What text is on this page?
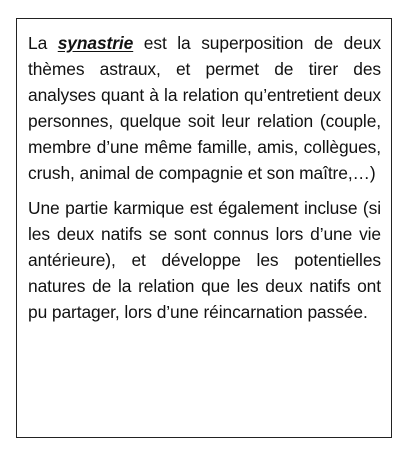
La synastrie est la superposition de deux thèmes astraux, et permet de tirer des analyses quant à la relation qu’entretient deux personnes, quelque soit leur relation (couple, membre d’une même famille, amis, collègues, crush, animal de compagnie et son maître,…)

Une partie karmique est également incluse (si les deux natifs se sont connus lors d’une vie antérieure), et développe les potentielles natures de la relation que les deux natifs ont pu partager, lors d’une réincarnation passée.
